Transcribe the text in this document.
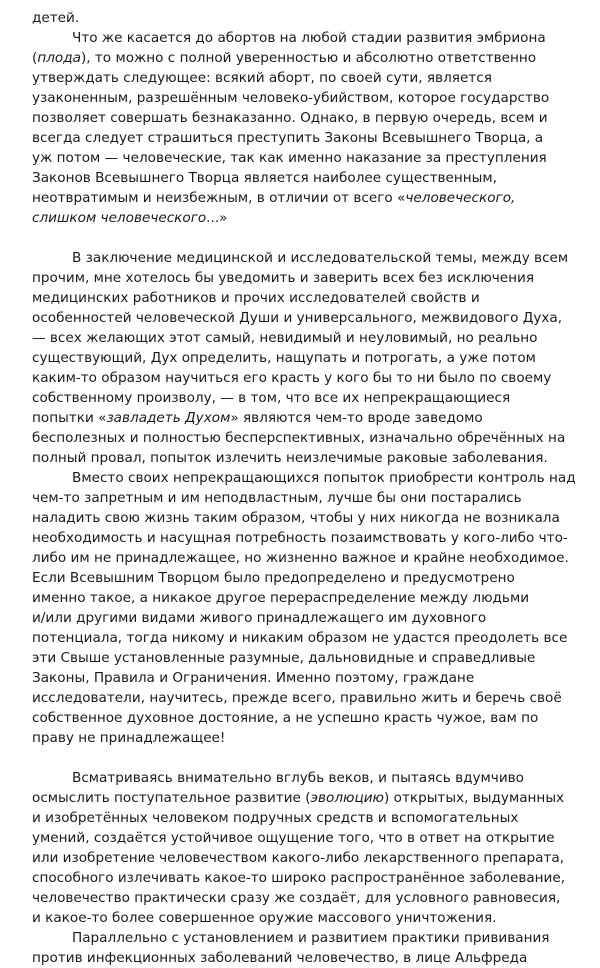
детей.

Что же касается до абортов на любой стадии развития эмбриона

(плода), то можно с полной уверенностью и абсолютно ответственно

утверждать следующее: всякий аборт, по своей сути, является

узаконенным, разрешённым человеко-убийством, которое государство

позволяет совершать безнаказанно. Однако, в первую очередь, всем и

всегда следует страшиться преступить Законы Всевышнего Творца, а

уж потом — человеческие, так как именно наказание за преступления

Законов Всевышнего Творца является наиболее существенным,

неотвратимым и неизбежным, в отличии от всего «человеческого,

слишком человеческого...»

В заключение медицинской и исследовательской темы, между всем

прочим, мне хотелось бы уведомить и заверить всех без исключения

медицинских работников и прочих исследователей свойств и

особенностей человеческой Души и универсального, межвидового Духа,

— всех желающих этот самый, невидимый и неуловимый, но реально

существующий, Дух определить, нащупать и потрогать, а уже потом

каким-то образом научиться его красть у кого бы то ни было по своему

собственному произволу, — в том, что все их непрекращающиеся

попытки «завладеть Духом» являются чем-то вроде заведомо

бесполезных и полностью бесперспективных, изначально обречённых на

полный провал, попыток излечить неизлечимые раковые заболевания.

Вместо своих непрекращающихся попыток приобрести контроль над

чем-то запретным и им неподвластным, лучше бы они постарались

наладить свою жизнь таким образом, чтобы у них никогда не возникала

необходимость и насущная потребность позаимствовать у кого-либо что-

либо им не принадлежащее, но жизненно важное и крайне необходимое.

Если Всевышним Творцом было предопределено и предусмотрено

именно такое, а никакое другое перераспределение между людьми

и/или другими видами живого принадлежащего им духовного

потенциала, тогда никому и никаким образом не удастся преодолеть все

эти Свыше установленные разумные, дальновидные и справедливые

Законы, Правила и Ограничения. Именно поэтому, граждане

исследователи, научитесь, прежде всего, правильно жить и беречь своё

собственное духовное достояние, а не успешно красть чужое, вам по

праву не принадлежащее!

Всматриваясь внимательно вглубь веков, и пытаясь вдумчиво

осмыслить поступательное развитие (эволюцию) открытых, выдуманных

и изобретённых человеком подручных средств и вспомогательных

умений, создаётся устойчивое ощущение того, что в ответ на открытие

или изобретение человечеством какого-либо лекарственного препарата,

способного излечивать какое-то широко распространённое заболевание,

человечество практически сразу же создаёт, для условного равновесия,

и какое-то более совершенное оружие массового уничтожения.

Параллельно с установлением и развитием практики прививания

против инфекционных заболеваний человечество, в лице Альфреда
